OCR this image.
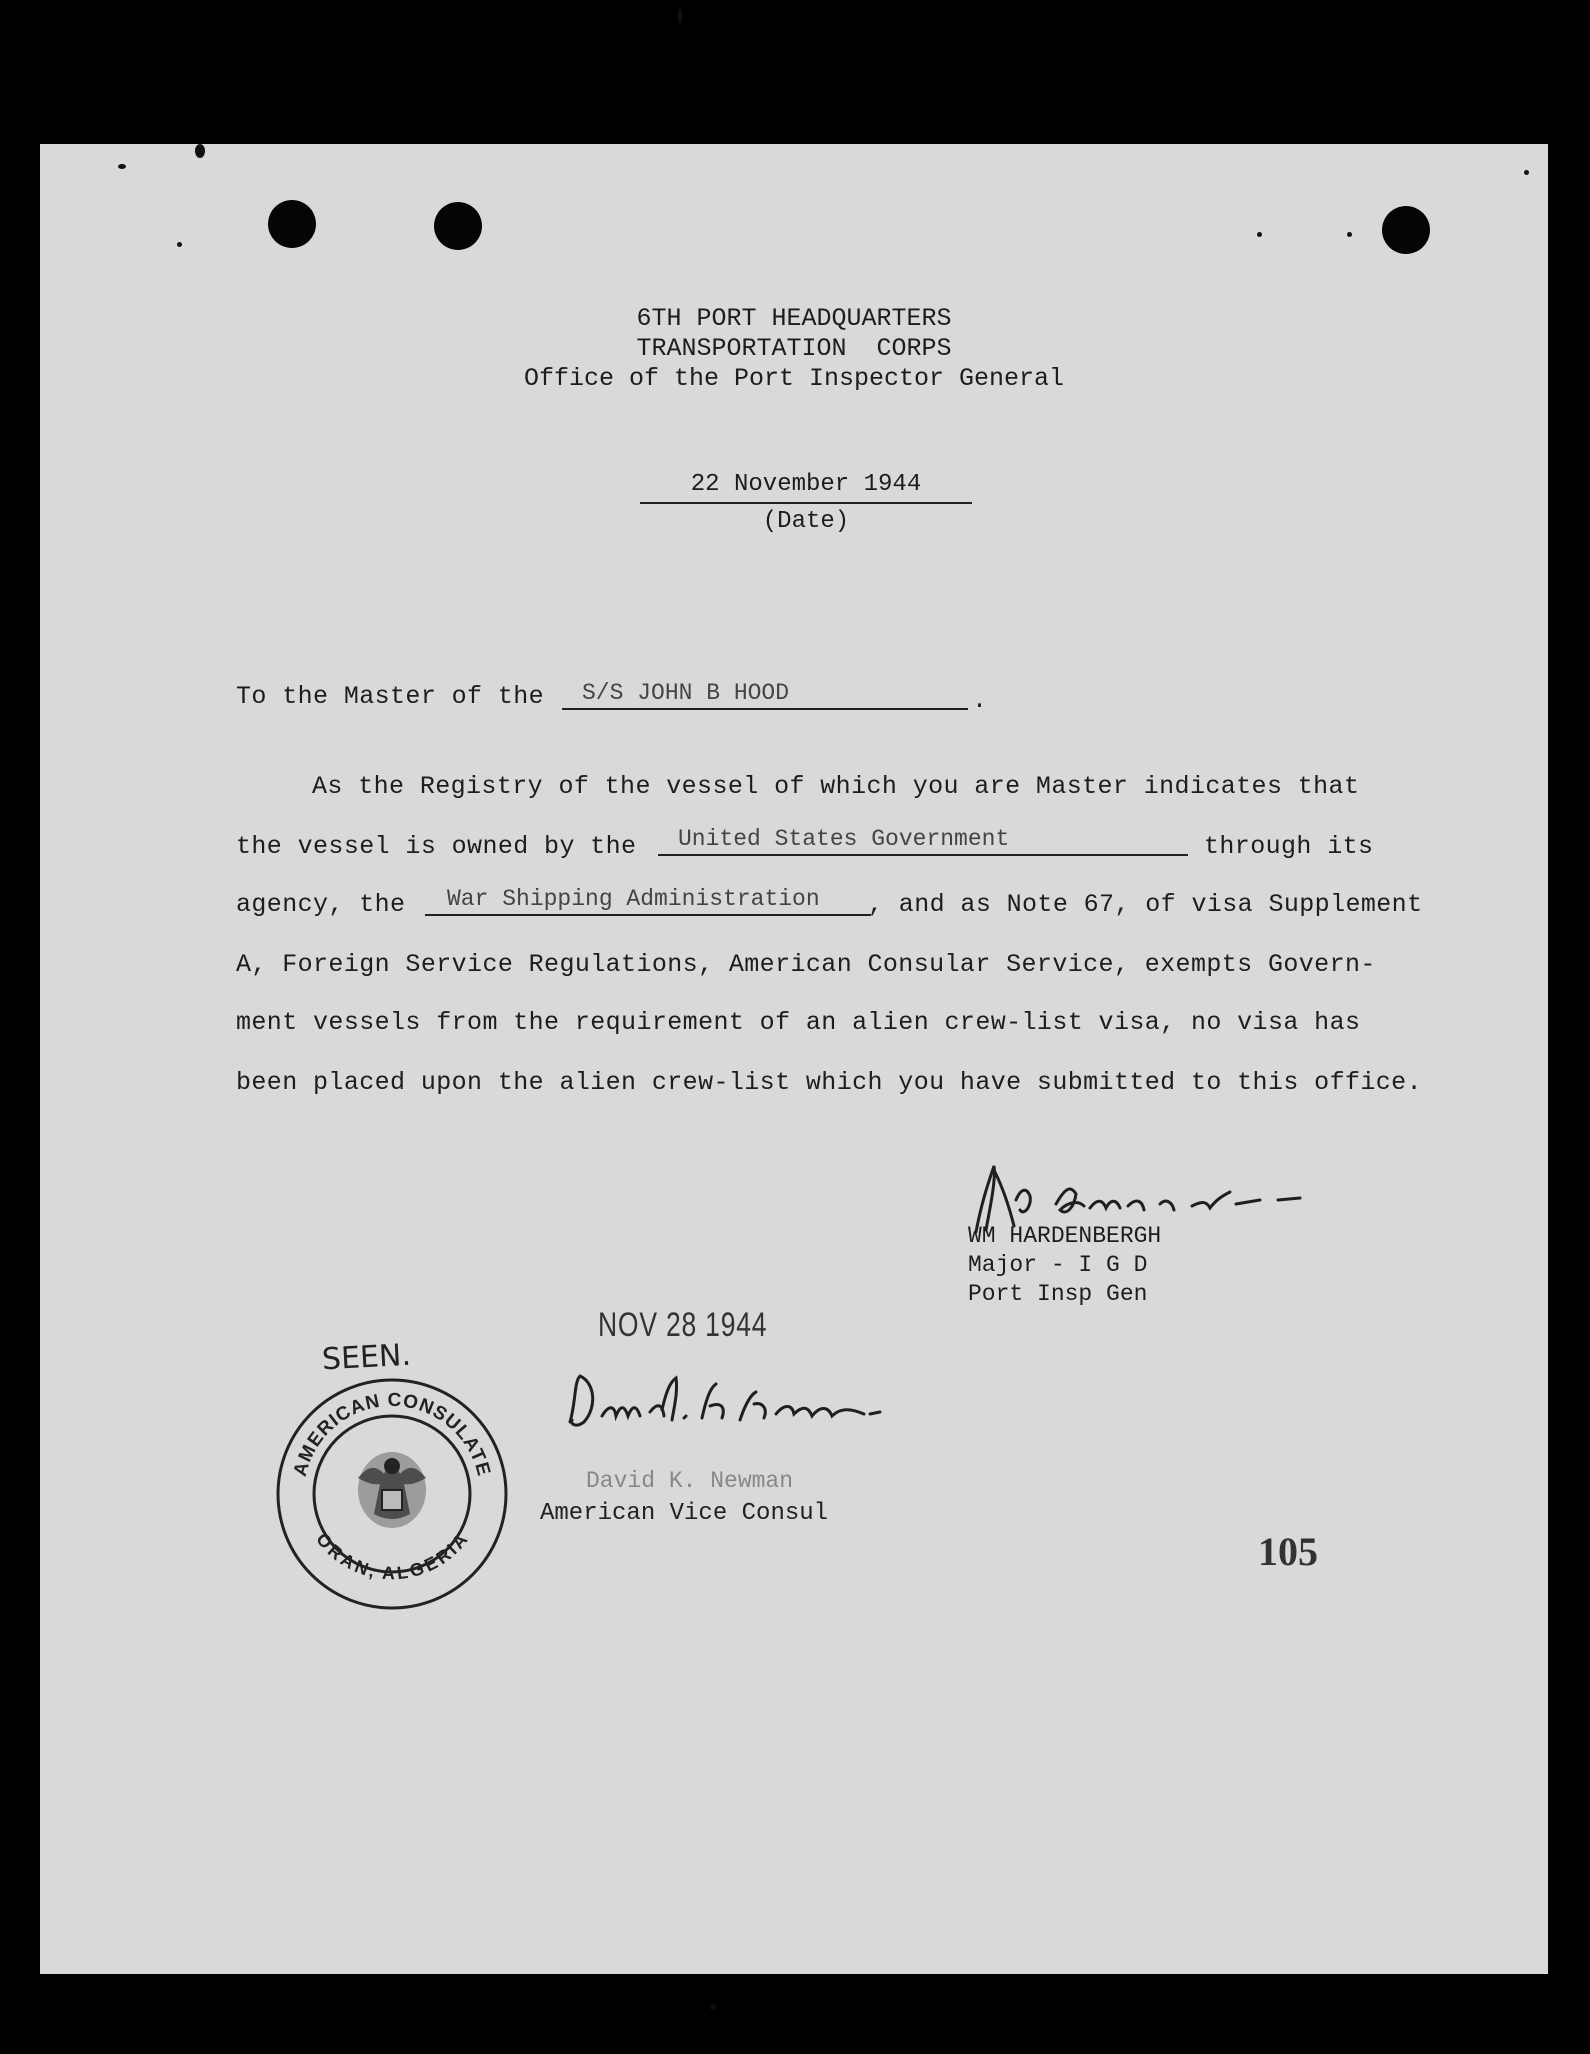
6TH PORT HEADQUARTERS
TRANSPORTATION  CORPS
Office of the Port Inspector General
22 November 1944
(Date)
To the Master of the	S/S JOHN B HOOD	.
As the Registry of the vessel of which you are Master indicates that
the vessel is owned by the	United States Government	through its
agency, the	War Shipping Administration	, and as Note 67, of visa Supplement
A, Foreign Service Regulations, American Consular Service, exempts Govern-
ment vessels from the requirement of an alien crew-list visa, no visa has
been placed upon the alien crew-list which you have submitted to this office.
WM HARDENBERGH
Major - I G D
Port Insp Gen
NOV 28 1944
SEEN.
AMERICAN CONSULATE
ORAN, ALGERIA
David K. Newman
American Vice Consul
105
